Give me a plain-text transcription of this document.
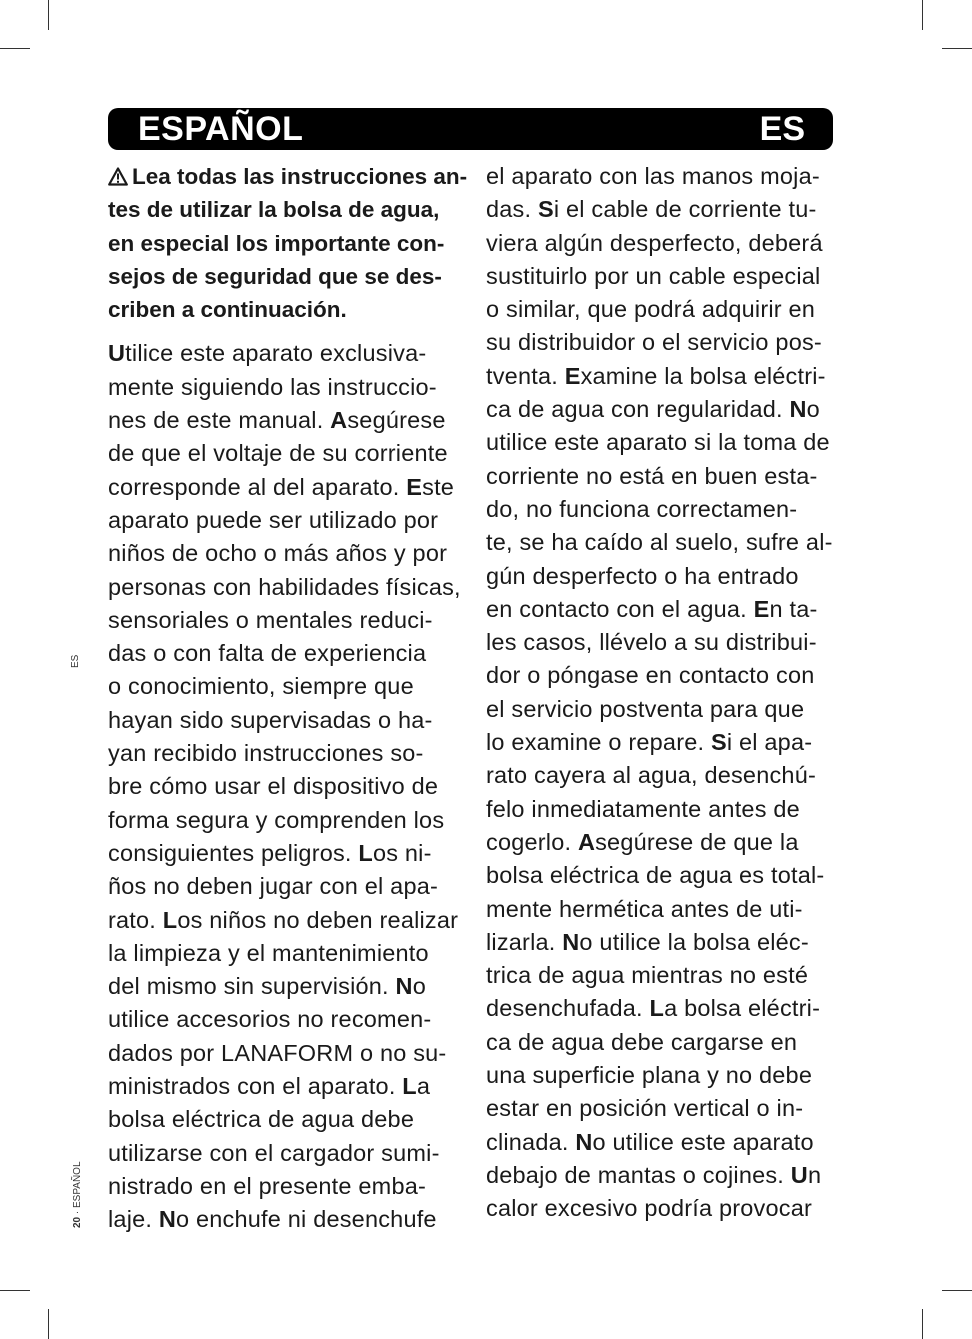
ESPAÑOL	ES
ES
20 · ESPAÑOL
Lea todas las instrucciones an-
tes de utilizar la bolsa de agua,
en especial los importante con-
sejos de seguridad que se des-
criben a continuación.
Utilice este aparato exclusiva-
mente siguiendo las instruccio-
nes de este manual. Asegúrese
de que el voltaje de su corriente
corresponde al del aparato. Este
aparato puede ser utilizado por
niños de ocho o más años y por
personas con habilidades físicas,
sensoriales o mentales reduci-
das o con falta de experiencia
o conocimiento, siempre que
hayan sido supervisadas o ha-
yan recibido instrucciones so-
bre cómo usar el dispositivo de
forma segura y comprenden los
consiguientes peligros. Los ni-
ños no deben jugar con el apa-
rato. Los niños no deben realizar
la limpieza y el mantenimiento
del mismo sin supervisión. No
utilice accesorios no recomen-
dados por LANAFORM o no su-
ministrados con el aparato. La
bolsa eléctrica de agua debe
utilizarse con el cargador sumi-
nistrado en el presente emba-
laje. No enchufe ni desenchufe
el aparato con las manos moja-
das. Si el cable de corriente tu-
viera algún desperfecto, deberá
sustituirlo por un cable especial
o similar, que podrá adquirir en
su distribuidor o el servicio pos-
tventa. Examine la bolsa eléctri-
ca de agua con regularidad. No
utilice este aparato si la toma de
corriente no está en buen esta-
do, no funciona correctamen-
te, se ha caído al suelo, sufre al-
gún desperfecto o ha entrado
en contacto con el agua. En ta-
les casos, llévelo a su distribui-
dor o póngase en contacto con
el servicio postventa para que
lo examine o repare. Si el apa-
rato cayera al agua, desenchú-
felo inmediatamente antes de
cogerlo. Asegúrese de que la
bolsa eléctrica de agua es total-
mente hermética antes de uti-
lizarla. No utilice la bolsa eléc-
trica de agua mientras no esté
desenchufada. La bolsa eléctri-
ca de agua debe cargarse en
una superficie plana y no debe
estar en posición vertical o in-
clinada. No utilice este aparato
debajo de mantas o cojines. Un
calor excesivo podría provocar
